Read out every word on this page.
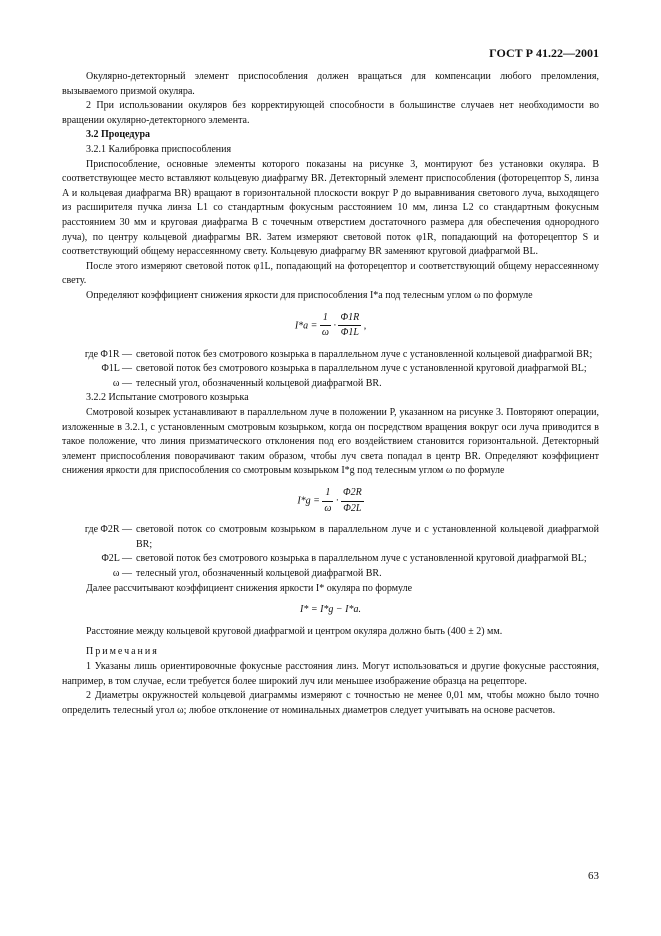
ГОСТ Р 41.22—2001

Окулярно-детекторный элемент приспособления должен вращаться для компенсации любого преломления, вызываемого призмой окуляра.

2 При использовании окуляров без корректирующей способности в большинстве случаев нет необходимости во вращении окулярно-детекторного элемента.

3.2 Процедура

3.2.1 Калибровка приспособления

Приспособление, основные элементы которого показаны на рисунке 3, монтируют без установки окуляра. В соответствующее место вставляют кольцевую диафрагму BR. Детекторный элемент приспособления (фоторецептор S, линза A и кольцевая диафрагма BR) вращают в горизонтальной плоскости вокруг P до выравнивания светового луча, выходящего из расширителя пучка линза L1 со стандартным фокусным расстоянием 10 мм, линза L2 со стандартным фокусным расстоянием 30 мм и круговая диафрагма B с точечным отверстием достаточного размера для обеспечения однородного луча), по центру кольцевой диафрагмы BR. Затем измеряют световой поток φ1R, попадающий на фоторецептор S и соответствующий общему нерассеянному свету. Кольцевую диафрагму BR заменяют круговой диафрагмой BL.

После этого измеряют световой поток φ1L, попадающий на фоторецептор и соответствующий общему нерассеянному свету.

Определяют коэффициент снижения яркости для приспособления I*a под телесным углом ω по формуле

$I*a = \frac{1}{\omega} \cdot \frac{\Phi 1R}{\Phi 1L}$ ,
где Φ1R — световой поток без смотрового козырька в параллельном луче с установленной кольцевой диафрагмой BR;
Φ1L — световой поток без смотрового козырька в параллельном луче с установленной круговой диафрагмой BL;
ω — телесный угол, обозначенный кольцевой диафрагмой BR.

3.2.2 Испытание смотрового козырька

Смотровой козырек устанавливают в параллельном луче в положении P, указанном на рисунке 3. Повторяют операции, изложенные в 3.2.1, с установленным смотровым козырьком, когда он посредством вращения вокруг оси луча приводится в такое положение, что линия призматического отклонения под его воздействием становится горизонтальной. Детекторный элемент приспособления поворачивают таким образом, чтобы луч света попадал в центр BR. Определяют коэффициент снижения яркости для приспособления со смотровым козырьком I*g под телесным углом ω по формуле

$I*g = \frac{1}{\omega} \cdot \frac{\Phi 2R}{\Phi 2L}$
где Φ2R — световой поток со смотровым козырьком в параллельном луче и с установленной кольцевой диафрагмой BR;
Φ2L — световой поток без смотрового козырька в параллельном луче с установленной круговой диафрагмой BL;
ω — телесный угол, обозначенный кольцевой диафрагмой BR.

Далее рассчитывают коэффициент снижения яркости I* окуляра по формуле

I* = I*g − I*a.

Расстояние между кольцевой круговой диафрагмой и центром окуляра должно быть (400 ± 2) мм.

Примечания

1 Указаны лишь ориентировочные фокусные расстояния линз. Могут использоваться и другие фокусные расстояния, например, в том случае, если требуется более широкий луч или меньшее изображение образца на рецепторе.

2 Диаметры окружностей кольцевой диаграммы измеряют с точностью не менее 0,01 мм, чтобы можно было точно определить телесный угол ω; любое отклонение от номинальных диаметров следует учитывать на основе расчетов.

63
